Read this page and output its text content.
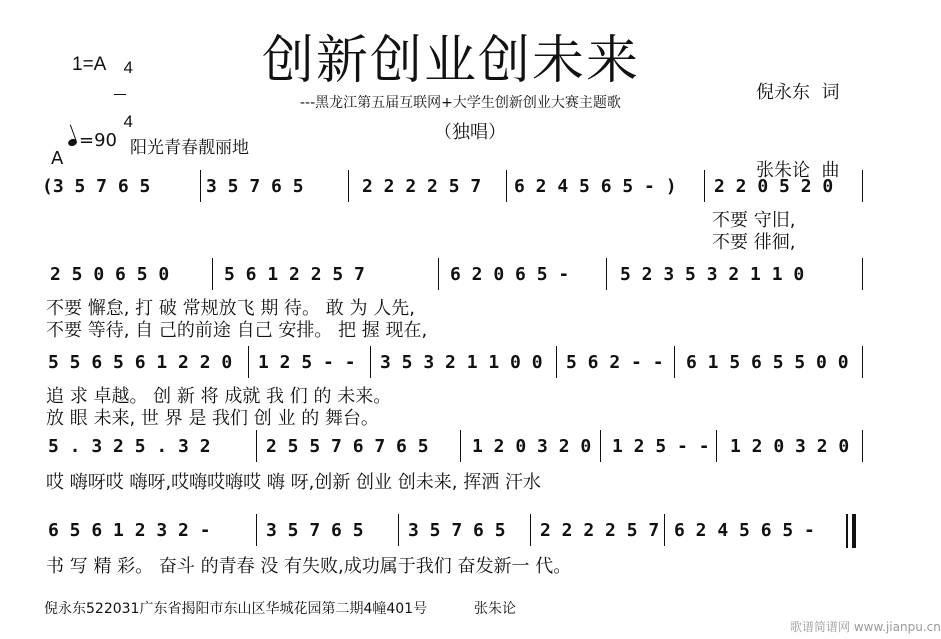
1=A	4

4

创新创业创未来

倪永东  词

张朱论  曲

---黑龙江第五届互联网+大学生创新创业大赛主题歌
（独唱）
=90
A	阳光青春靓丽地
(3 5 7 6 5	3 5 7 6 5	2 2 2 2 5 7 6 2 4 5 6 5 - ) 2 2 0 5 2 0
不要 守旧,
不要 徘徊,
2 5 0 6 5 0	5 6 1 2 2 5 7	6 2 0 6 5 -	5 2 3 5 3 2 1 1 0
不要 懈怠, 打 破 常规放飞 期 待。 敢 为 人先,
不要 等待, 自 己的前途 自己 安排。 把 握 现在,
5 5 6 5 6 1 2 2 0 1 2 5 - - 3 5 3 2 1 1 0 0 5 6 2 - - 6 1 5 6 5 5 0 0
追 求 卓越。 创 新 将 成就 我 们 的 未来。
放 眼 未来, 世 界 是 我们 创 业 的 舞台。
5 . 3 2 5 . 3 2	2 5 5 7 6 7 6 5 1 2 0 3 2 0 1 2 5 - - 1 2 0 3 2 0
哎 嗨呀哎 嗨呀,哎嗨哎嗨哎 嗨 呀,创新 创业 创未来, 挥洒 汗水
6 5 6 1 2 3 2 -	3 5 7 6 5 3 5 7 6 5 2 2 2 2 5 7 6 2 4 5 6 5 -
书 写 精 彩。 奋斗 的青春 没 有失败,成功属于我们 奋发新一 代。
倪永东522031广东省揭阳市东山区华城花园第二期4幢401号	张朱论
歌谱简谱网 www.jianpu.cn
